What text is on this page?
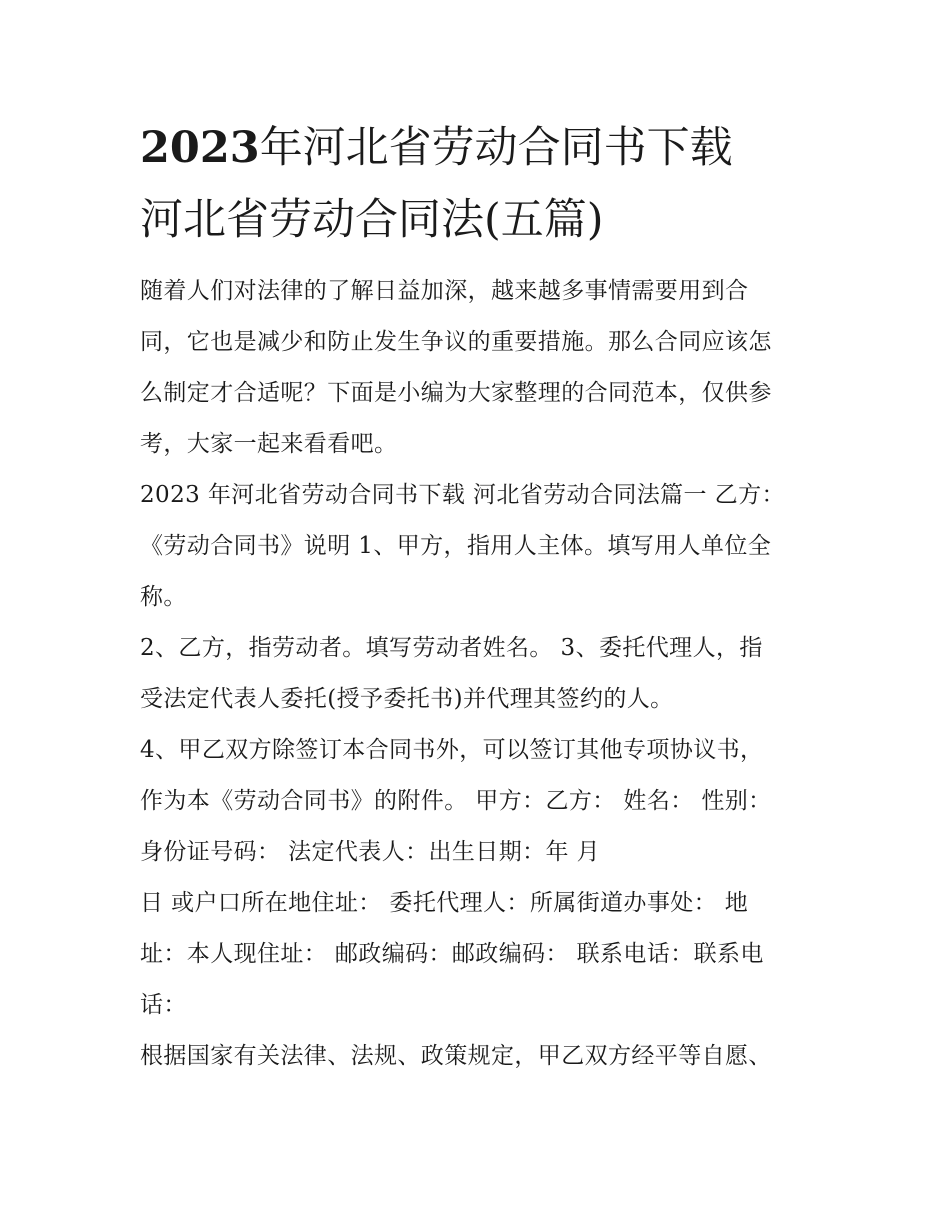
2023年河北省劳动合同书下载
河北省劳动合同法(五篇)

随着人们对法律的了解日益加深，越来越多事情需要用到合
同，它也是减少和防止发生争议的重要措施。那么合同应该怎
么制定才合适呢？下面是小编为大家整理的合同范本，仅供参
考，大家一起来看看吧。

2023 年河北省劳动合同书下载 河北省劳动合同法篇一 乙方：
《劳动合同书》说明 1、甲方，指用人主体。填写用人单位全
称。

2、乙方，指劳动者。填写劳动者姓名。 3、委托代理人，指
受法定代表人委托(授予委托书)并代理其签约的人。

4、甲乙双方除签订本合同书外，可以签订其他专项协议书，
作为本《劳动合同书》的附件。 甲方：乙方： 姓名： 性别：
身份证号码： 法定代表人：出生日期：年 月

日 或户口所在地住址： 委托代理人：所属街道办事处： 地
址：本人现住址： 邮政编码：邮政编码： 联系电话：联系电
话：

根据国家有关法律、法规、政策规定，甲乙双方经平等自愿、
